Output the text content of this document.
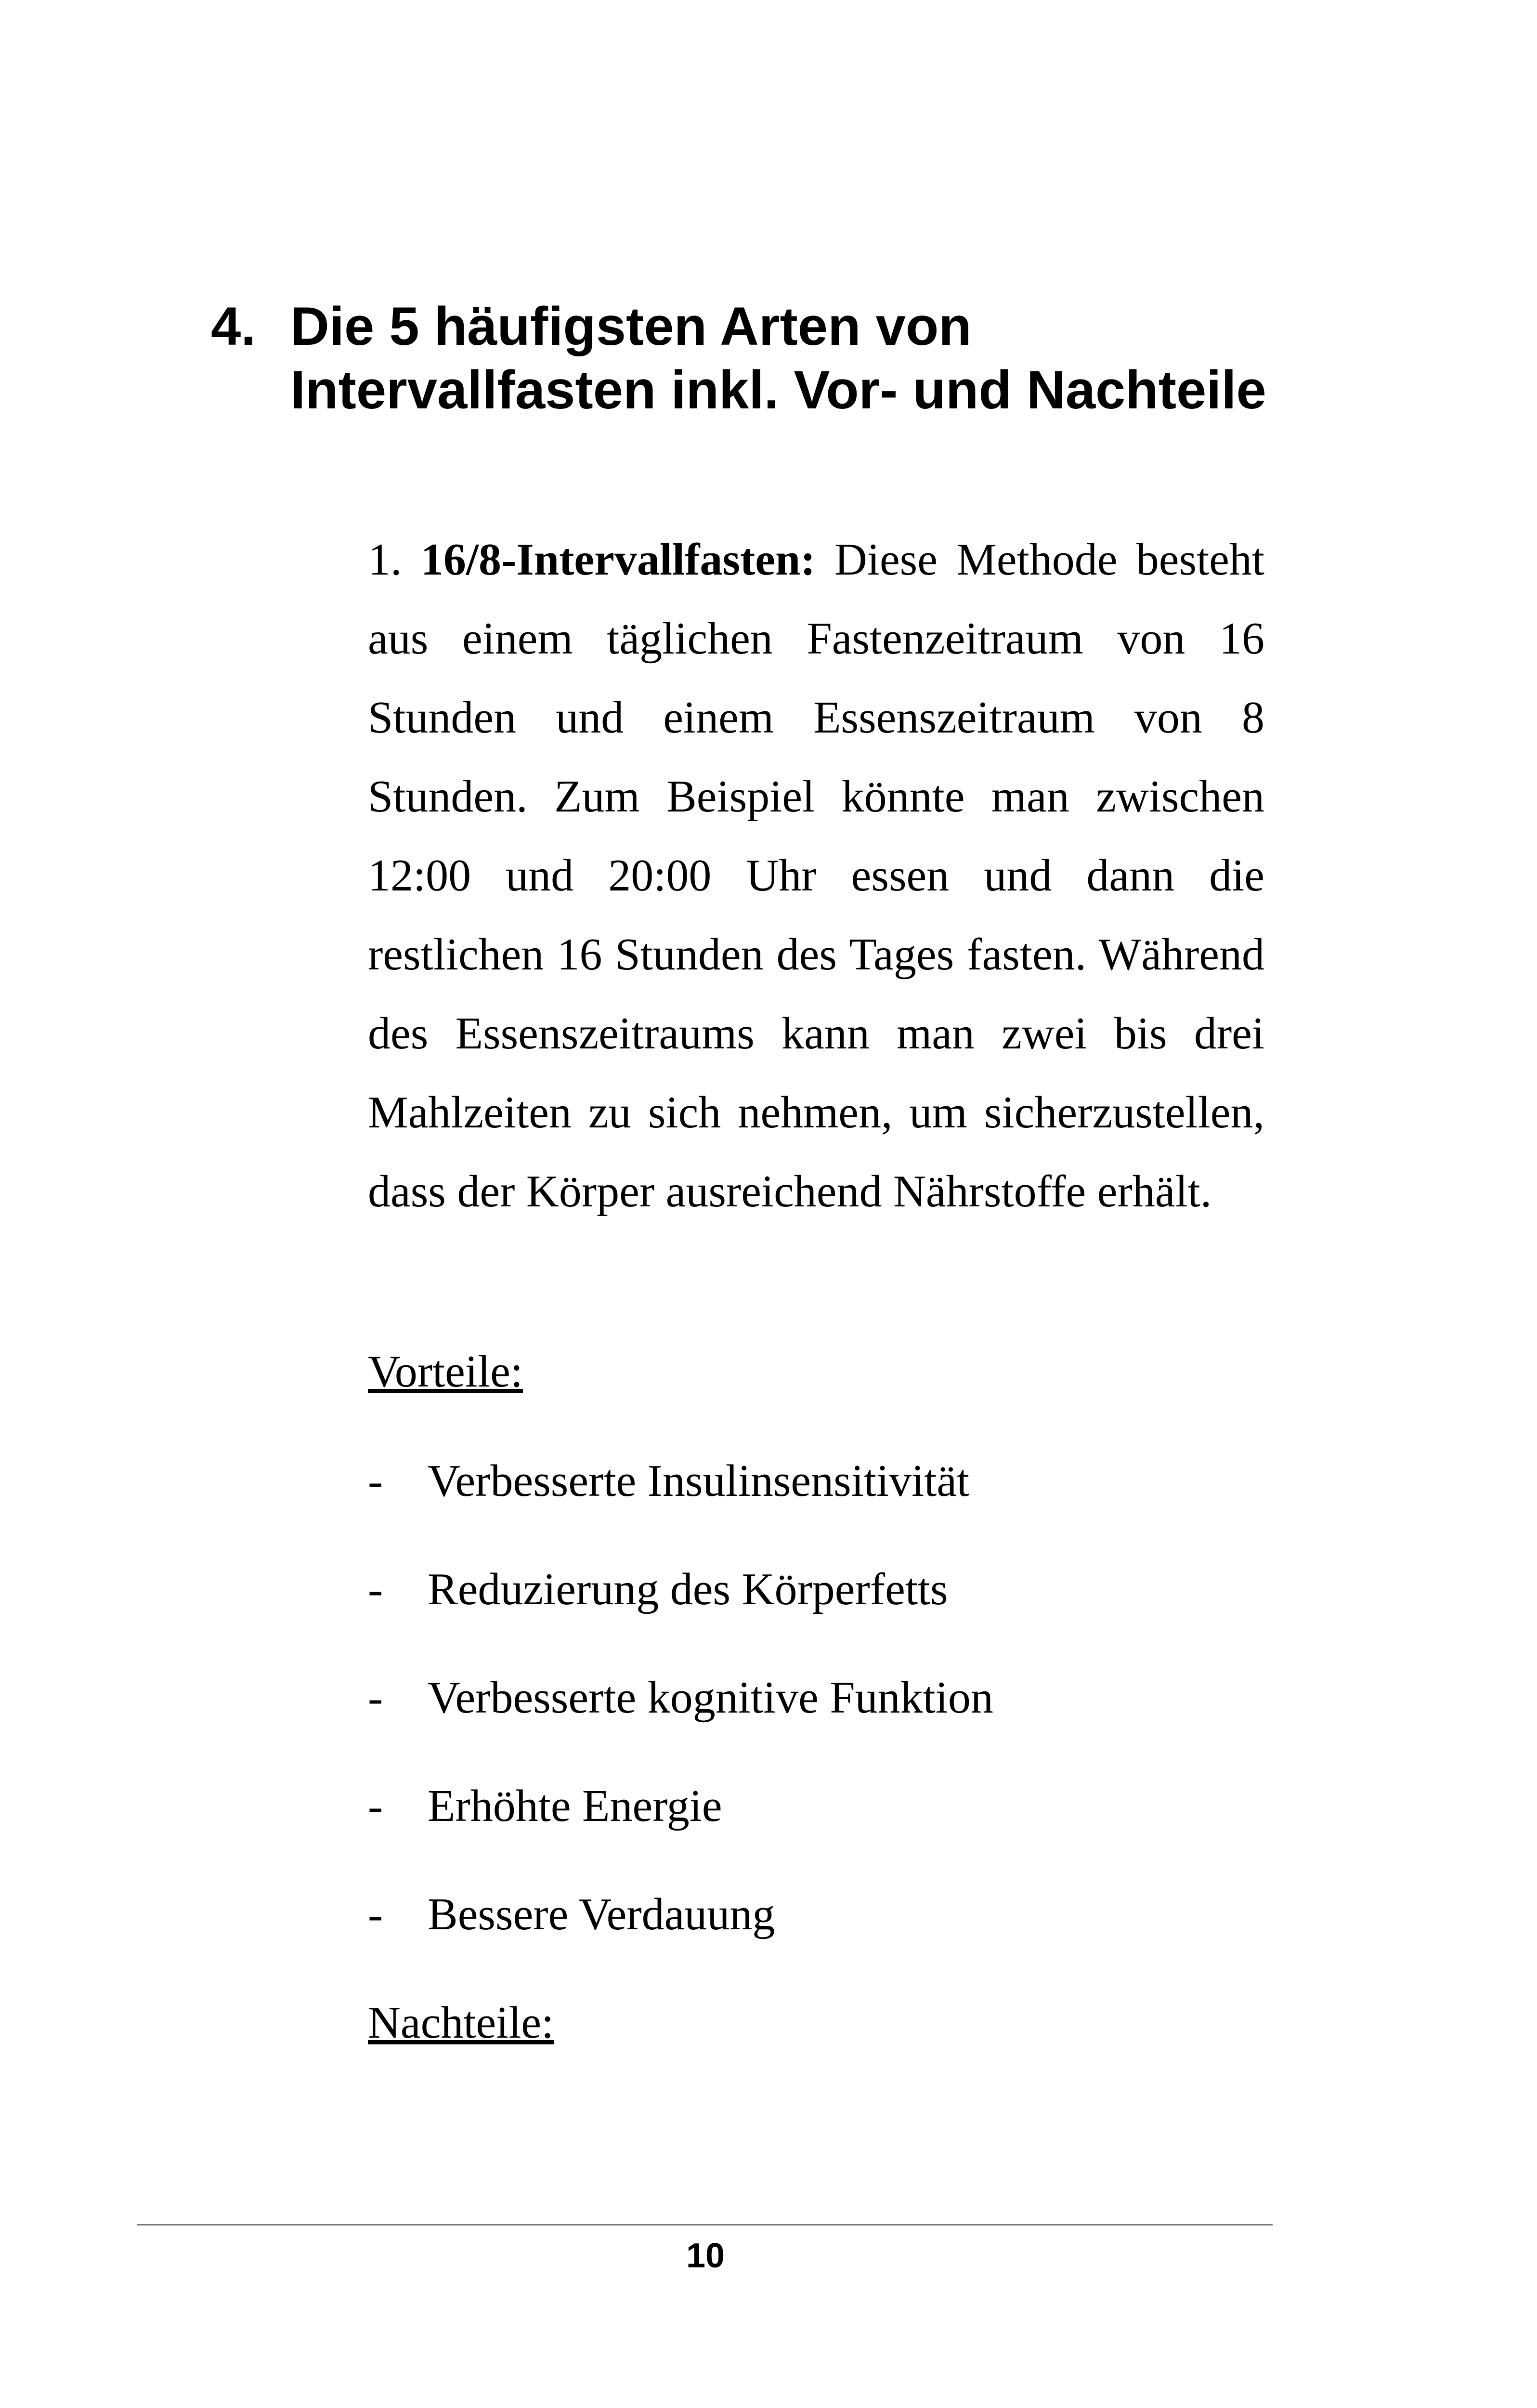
4. Die 5 häufigsten Arten von Intervallfasten inkl. Vor- und Nachteile

1. 16/8-Intervallfasten: Diese Methode besteht aus einem täglichen Fastenzeitraum von 16 Stunden und einem Essenszeitraum von 8 Stunden. Zum Beispiel könnte man zwischen 12:00 und 20:00 Uhr essen und dann die restlichen 16 Stunden des Tages fasten. Während des Essenszeitraums kann man zwei bis drei Mahlzeiten zu sich nehmen, um sicherzustellen, dass der Körper ausreichend Nährstoffe erhält.

Vorteile:
- Verbesserte Insulinsensitivität
- Reduzierung des Körperfetts
- Verbesserte kognitive Funktion
- Erhöhte Energie
- Bessere Verdauung
Nachteile:
10
